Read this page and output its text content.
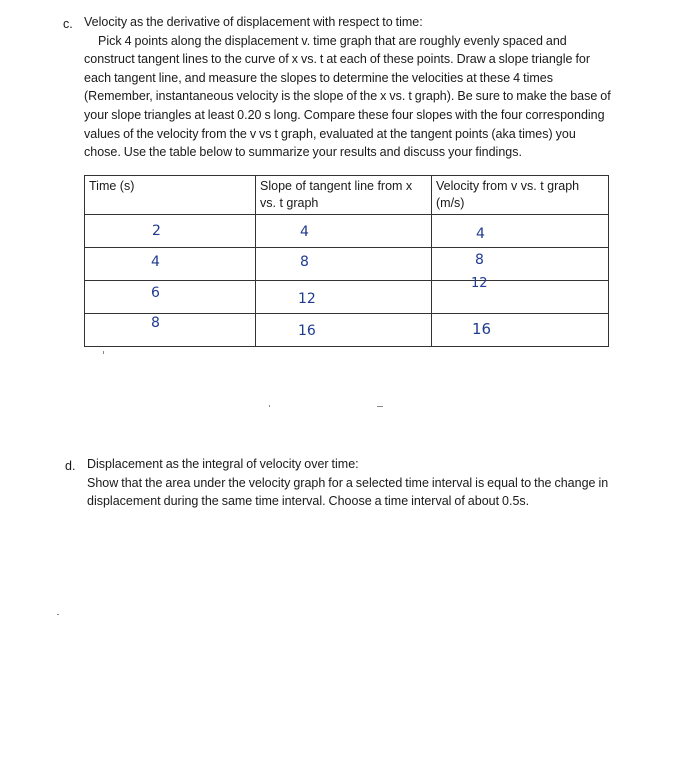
c. Velocity as the derivative of displacement with respect to time:
Pick 4 points along the displacement v. time graph that are roughly evenly spaced and
construct tangent lines to the curve of x vs. t at each of these points. Draw a slope triangle for
each tangent line, and measure the slopes to determine the velocities at these 4 times
(Remember, instantaneous velocity is the slope of the x vs. t graph). Be sure to make the base of
your slope triangles at least 0.20 s long. Compare these four slopes with the four corresponding
values of the velocity from the v vs t graph, evaluated at the tangent points (aka times) you
chose. Use the table below to summarize your results and discuss your findings.
Time (s)	Slope of tangent line from x vs. t graph	Velocity from v vs. t graph (m/s)

2	4	4

4	8	8

6	12	12

8	16	16
d. Displacement as the integral of velocity over time:
Show that the area under the velocity graph for a selected time interval is equal to the change in
displacement during the same time interval. Choose a time interval of about 0.5s.
